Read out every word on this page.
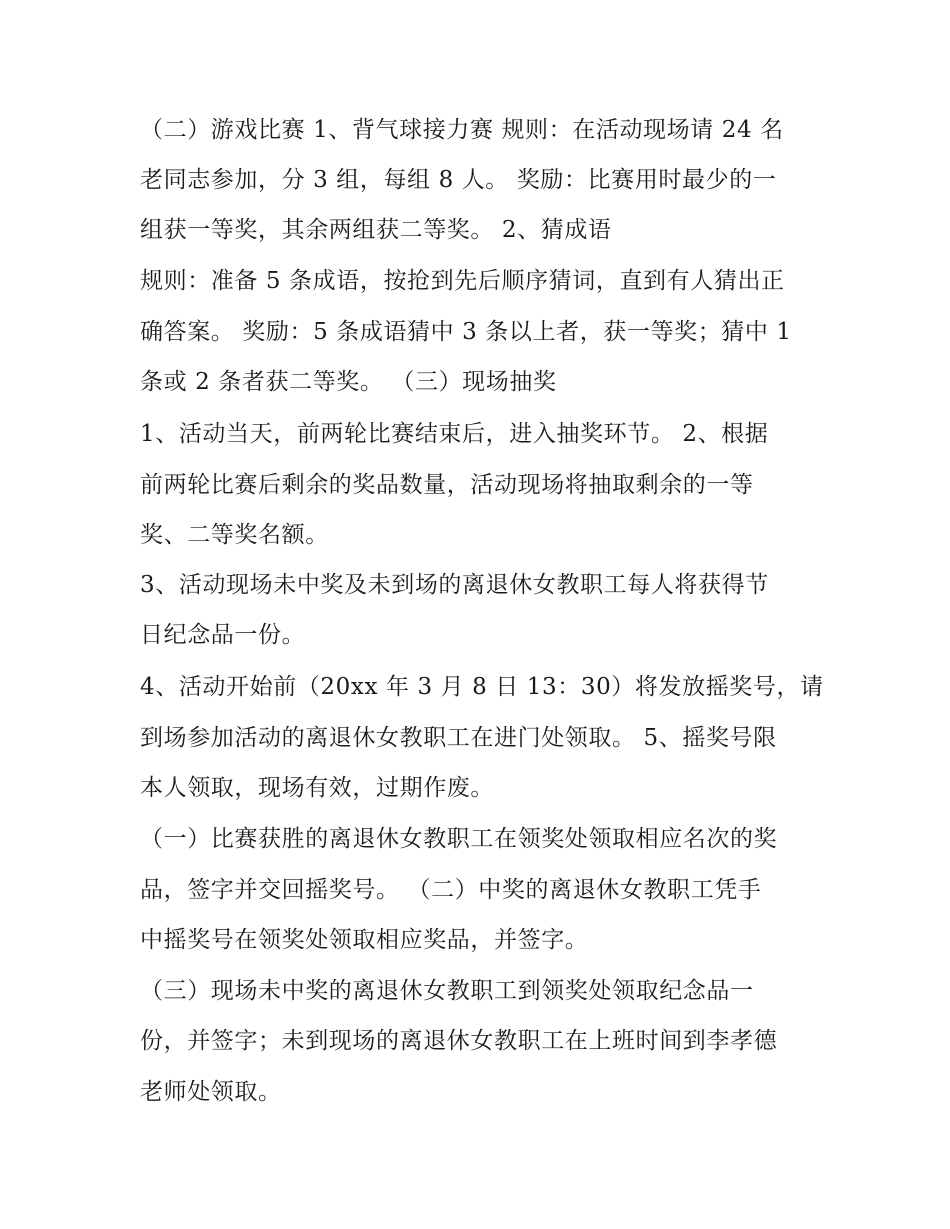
（二）游戏比赛 1、背气球接力赛 规则：在活动现场请 24 名
老同志参加，分 3 组，每组 8 人。 奖励：比赛用时最少的一
组获一等奖，其余两组获二等奖。 2、猜成语
规则：准备 5 条成语，按抢到先后顺序猜词，直到有人猜出正
确答案。 奖励：5 条成语猜中 3 条以上者，获一等奖；猜中 1
条或 2 条者获二等奖。 （三）现场抽奖
1、活动当天，前两轮比赛结束后，进入抽奖环节。 2、根据
前两轮比赛后剩余的奖品数量，活动现场将抽取剩余的一等
奖、二等奖名额。
3、活动现场未中奖及未到场的离退休女教职工每人将获得节
日纪念品一份。
4、活动开始前（20xx 年 3 月 8 日 13：30）将发放摇奖号，请
到场参加活动的离退休女教职工在进门处领取。 5、摇奖号限
本人领取，现场有效，过期作废。
（一）比赛获胜的离退休女教职工在领奖处领取相应名次的奖
品，签字并交回摇奖号。 （二）中奖的离退休女教职工凭手
中摇奖号在领奖处领取相应奖品，并签字。
（三）现场未中奖的离退休女教职工到领奖处领取纪念品一
份，并签字；未到现场的离退休女教职工在上班时间到李孝德
老师处领取。
